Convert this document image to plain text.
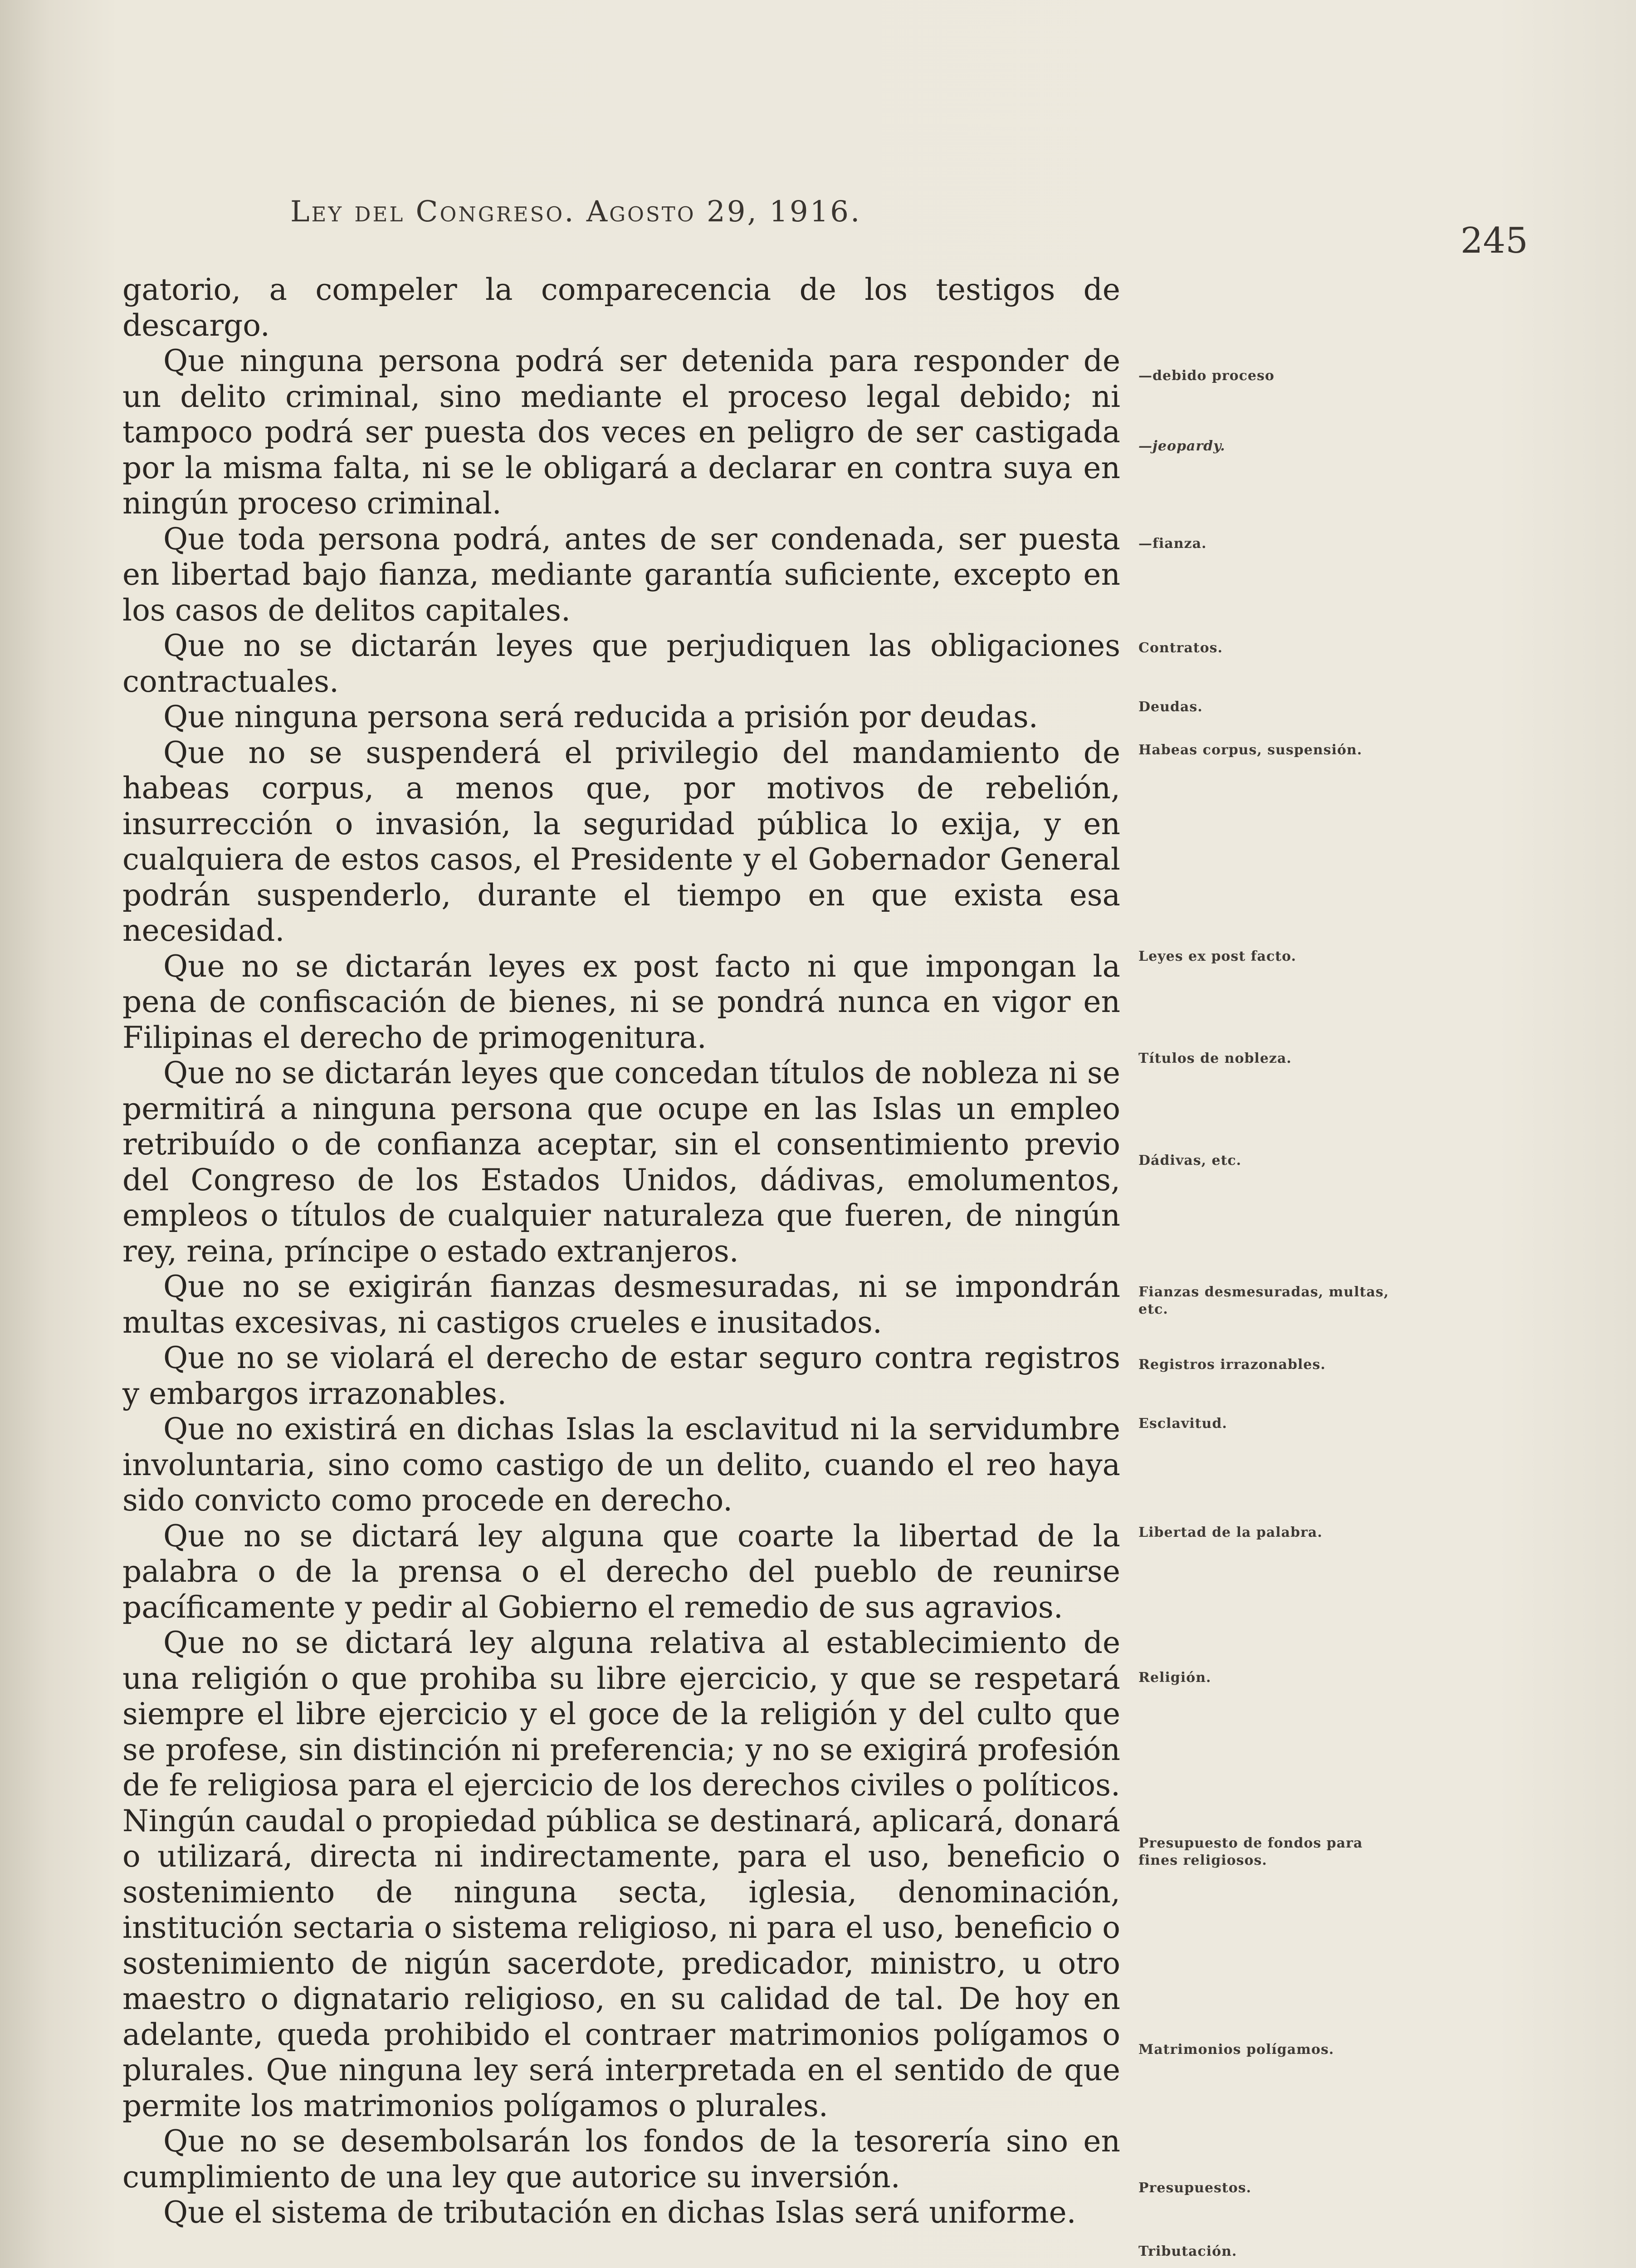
Ley del Congreso. Agosto 29, 1916.
245

gatorio, a compeler la comparecencia de los testigos de descargo.

Que ninguna persona podrá ser detenida para responder de un delito criminal, sino mediante el proceso legal debido; ni tampoco podrá ser puesta dos veces en peligro de ser castigada por la misma falta, ni se le obligará a declarar en contra suya en ningún proceso criminal.

Que toda persona podrá, antes de ser condenada, ser puesta en libertad bajo fianza, mediante garantía suficiente, excepto en los casos de delitos capitales.

Que no se dictarán leyes que perjudiquen las obligaciones contractuales.

Que ninguna persona será reducida a prisión por deudas.

Que no se suspenderá el privilegio del mandamiento de habeas corpus, a menos que, por motivos de rebelión, insurrección o invasión, la seguridad pública lo exija, y en cualquiera de estos casos, el Presidente y el Gobernador General podrán suspenderlo, durante el tiempo en que exista esa necesidad.

Que no se dictarán leyes ex post facto ni que impongan la pena de confiscación de bienes, ni se pondrá nunca en vigor en Filipinas el derecho de primogenitura.

Que no se dictarán leyes que concedan títulos de nobleza ni se permitirá a ninguna persona que ocupe en las Islas un empleo retribuído o de confianza aceptar, sin el consentimiento previo del Congreso de los Estados Unidos, dádivas, emolumentos, empleos o títulos de cualquier naturaleza que fueren, de ningún rey, reina, príncipe o estado extranjeros.

Que no se exigirán fianzas desmesuradas, ni se impondrán multas excesivas, ni castigos crueles e inusitados.

Que no se violará el derecho de estar seguro contra registros y embargos irrazonables.

Que no existirá en dichas Islas la esclavitud ni la servidumbre involuntaria, sino como castigo de un delito, cuando el reo haya sido convicto como procede en derecho.

Que no se dictará ley alguna que coarte la libertad de la palabra o de la prensa o el derecho del pueblo de reunirse pacíficamente y pedir al Gobierno el remedio de sus agravios.

Que no se dictará ley alguna relativa al establecimiento de una religión o que prohiba su libre ejercicio, y que se respetará siempre el libre ejercicio y el goce de la religión y del culto que se profese, sin distinción ni preferencia; y no se exigirá profesión de fe religiosa para el ejercicio de los derechos civiles o políticos. Ningún caudal o propiedad pública se destinará, aplicará, donará o utilizará, directa ni indirectamente, para el uso, beneficio o sostenimiento de ninguna secta, iglesia, denominación, institución sectaria o sistema religioso, ni para el uso, beneficio o sostenimiento de nigún sacerdote, predicador, ministro, u otro maestro o dignatario religioso, en su calidad de tal. De hoy en adelante, queda prohibido el contraer matrimonios polígamos o plurales. Que ninguna ley será interpretada en el sentido de que permite los matrimonios polígamos o plurales.

Que no se desembolsarán los fondos de la tesorería sino en cumplimiento de una ley que autorice su inversión.

Que el sistema de tributación en dichas Islas será uniforme.

—debido proceso
—jeopardy.
—fianza.
Contratos.
Deudas.
Habeas corpus, suspensión.
Leyes ex post facto.
Títulos de nobleza.
Dádivas, etc.
Fianzas desmesuradas, multas, etc.
Registros irrazonables.
Esclavitud.
Libertad de la palabra.
Religión.
Presupuesto de fondos para fines religiosos.
Matrimonios polígamos.
Presupuestos.
Tributación.
